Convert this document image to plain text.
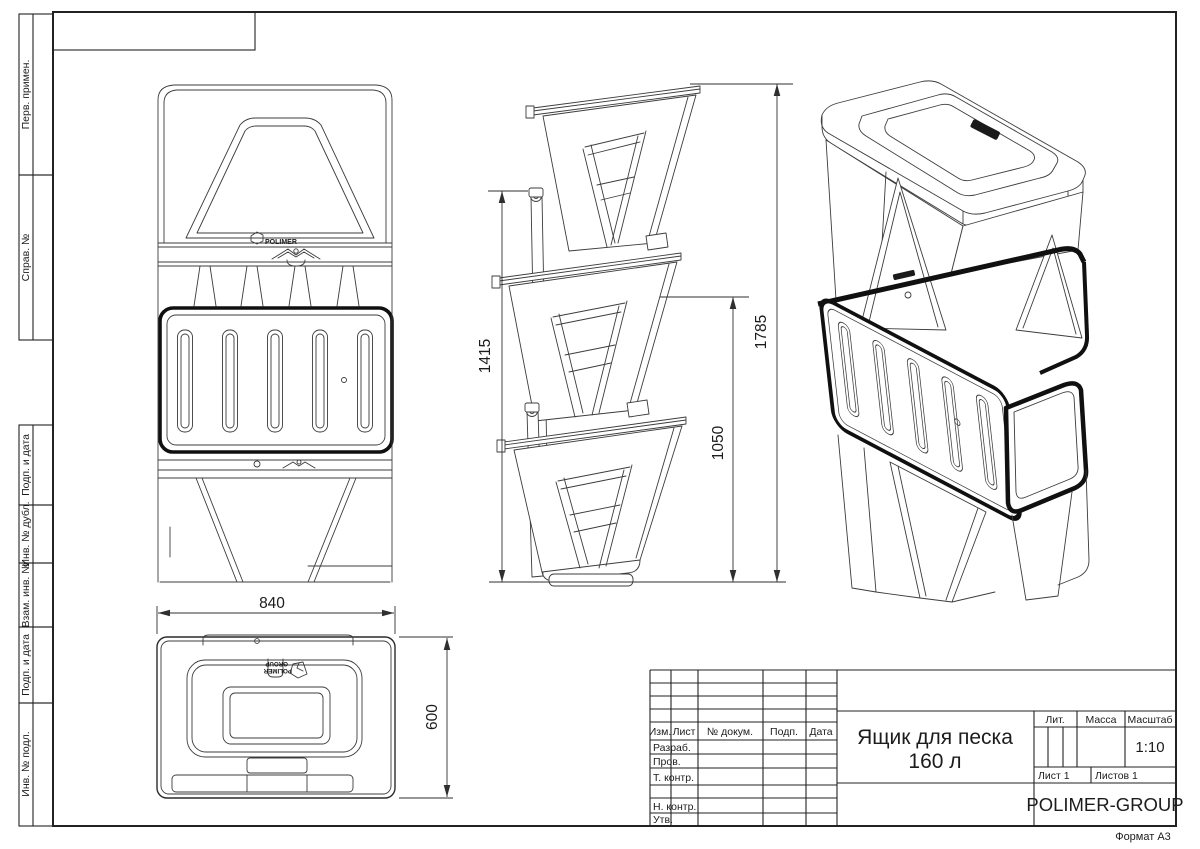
Перв. примен.
Справ. №
Подп. и дата
Инв. № дубл.
Взам. инв. №
Подп. и дата
Инв. № подл.
POLIMER
POLIMER
GROUP
840
600
1415
1050
1785
Изм. Лист № докум. Подп. Дата
Разраб.
Пров.
Т. контр.
Н. контр.
Утв.
Ящик для песка
160 л
Лит. Масса Масштаб
1:10
Лист 1 Листов 1
POLIMER-GROUP
Формат А3
